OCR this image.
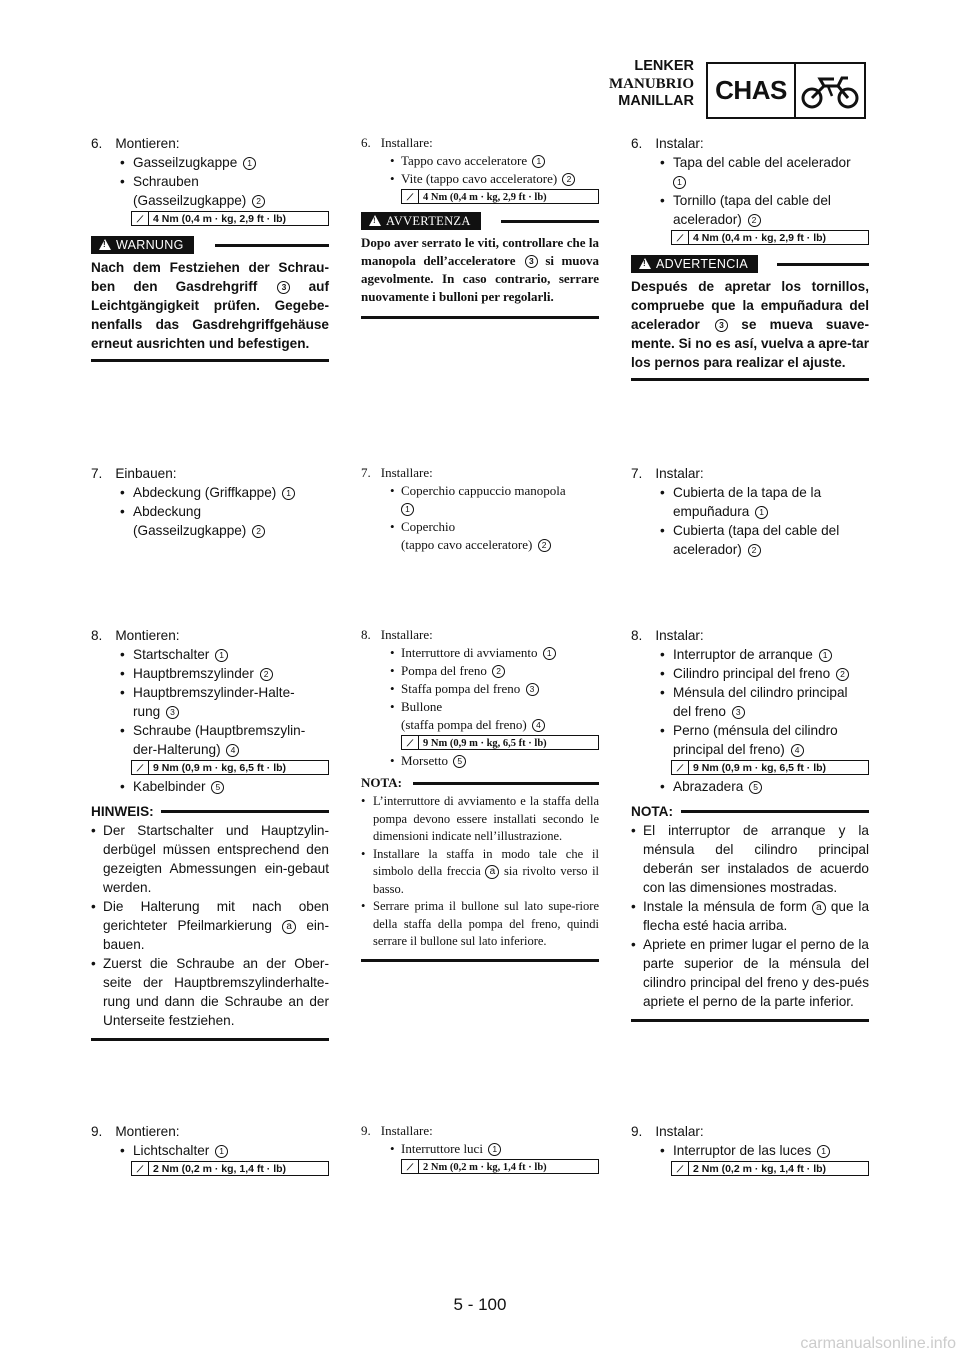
LENKER
MANUBRIO
MANILLAR CHAS
6. Montieren:
• Gasseilzugkappe 1
• Schrauben
(Gasseilzugkappe) 2
⟋ 4 Nm (0,4 m · kg, 2,9 ft · lb)
!
WARNUNG
Nach dem Festziehen der Schrau-ben den Gasdrehgriff	3 auf Leichtgängigkeit prüfen. Gegebe-nenfalls das Gasdrehgriffgehäuse erneut ausrichten und befestigen.
7. Einbauen:
• Abdeckung (Griffkappe) 1
• Abdeckung
(Gasseilzugkappe) 2
8. Montieren:
• Startschalter 1
• Hauptbremszylinder 2
• Hauptbremszylinder-Halte-
rung 3
• Schraube (Hauptbremszylin-
der-Halterung) 4
⟋ 9 Nm (0,9 m · kg, 6,5 ft · lb)
• Kabelbinder 5
HINWEIS:
• Der Startschalter und Hauptzylin-derbügel müssen entsprechend den gezeigten Abmessungen ein-gebaut werden.
• Die Halterung mit nach oben gerichteter Pfeilmarkierung a ein-bauen.
• Zuerst die Schraube an der Ober-seite der Hauptbremszylinderhalte-rung und dann die Schraube an der Unterseite festziehen.
9. Montieren:
• Lichtschalter 1
⟋ 2 Nm (0,2 m · kg, 1,4 ft · lb)
6. Installare:
• Tappo cavo acceleratore 1
• Vite (tappo cavo acceleratore) 2
⟋ 4 Nm (0,4 m · kg, 2,9 ft · lb)
!
AVVERTENZA
Dopo aver serrato le viti, controllare che la manopola dell’acceleratore 3 si muova agevolmente. In caso contrario, serrare nuovamente i bulloni per regolarli.
7. Installare:
• Coperchio cappuccio manopola
1
• Coperchio
(tappo cavo acceleratore) 2
8. Installare:
• Interruttore di avviamento 1
• Pompa del freno 2
• Staffa pompa del freno 3
• Bullone
(staffa pompa del freno) 4
⟋ 9 Nm (0,9 m · kg, 6,5 ft · lb)
• Morsetto 5
NOTA:
• L’interruttore di avviamento e la staffa della pompa devono essere installati secondo le dimensioni indicate nell’illustrazione.
• Installare la staffa in modo tale che il simbolo della freccia a sia rivolto verso il basso.
• Serrare prima il bullone sul lato supe-riore della staffa della pompa del freno, quindi serrare il bullone sul lato inferiore.
9. Installare:
• Interruttore luci 1
⟋ 2 Nm (0,2 m · kg, 1,4 ft · lb)
6. Instalar:
• Tapa del cable del acelerador
1
• Tornillo (tapa del cable del
acelerador) 2
⟋ 4 Nm (0,4 m · kg, 2,9 ft · lb)
!
ADVERTENCIA
Después de apretar los tornillos, compruebe que la empuñadura del acelerador 3 se mueva suave-mente. Si no es así, vuelva a apre-tar los pernos para realizar el ajuste.
7. Instalar:
• Cubierta de la tapa de la
empuñadura 1
• Cubierta (tapa del cable del
acelerador) 2
8. Instalar:
• Interruptor de arranque 1
• Cilindro principal del freno 2
• Ménsula del cilindro principal
del freno 3
• Perno (ménsula del cilindro
principal del freno) 4
⟋ 9 Nm (0,9 m · kg, 6,5 ft · lb)
• Abrazadera 5
NOTA:
• El interruptor de arranque y la ménsula del cilindro principal deberán ser instalados de acuerdo con las dimensiones mostradas.
• Instale la ménsula de form a que la flecha esté hacia arriba.
• Apriete en primer lugar el perno de la parte superior de la ménsula del cilindro principal del freno y des-pués apriete el perno de la parte inferior.
9. Instalar:
• Interruptor de las luces 1
⟋ 2 Nm (0,2 m · kg, 1,4 ft · lb)
5 - 100
carmanualsonline.info
